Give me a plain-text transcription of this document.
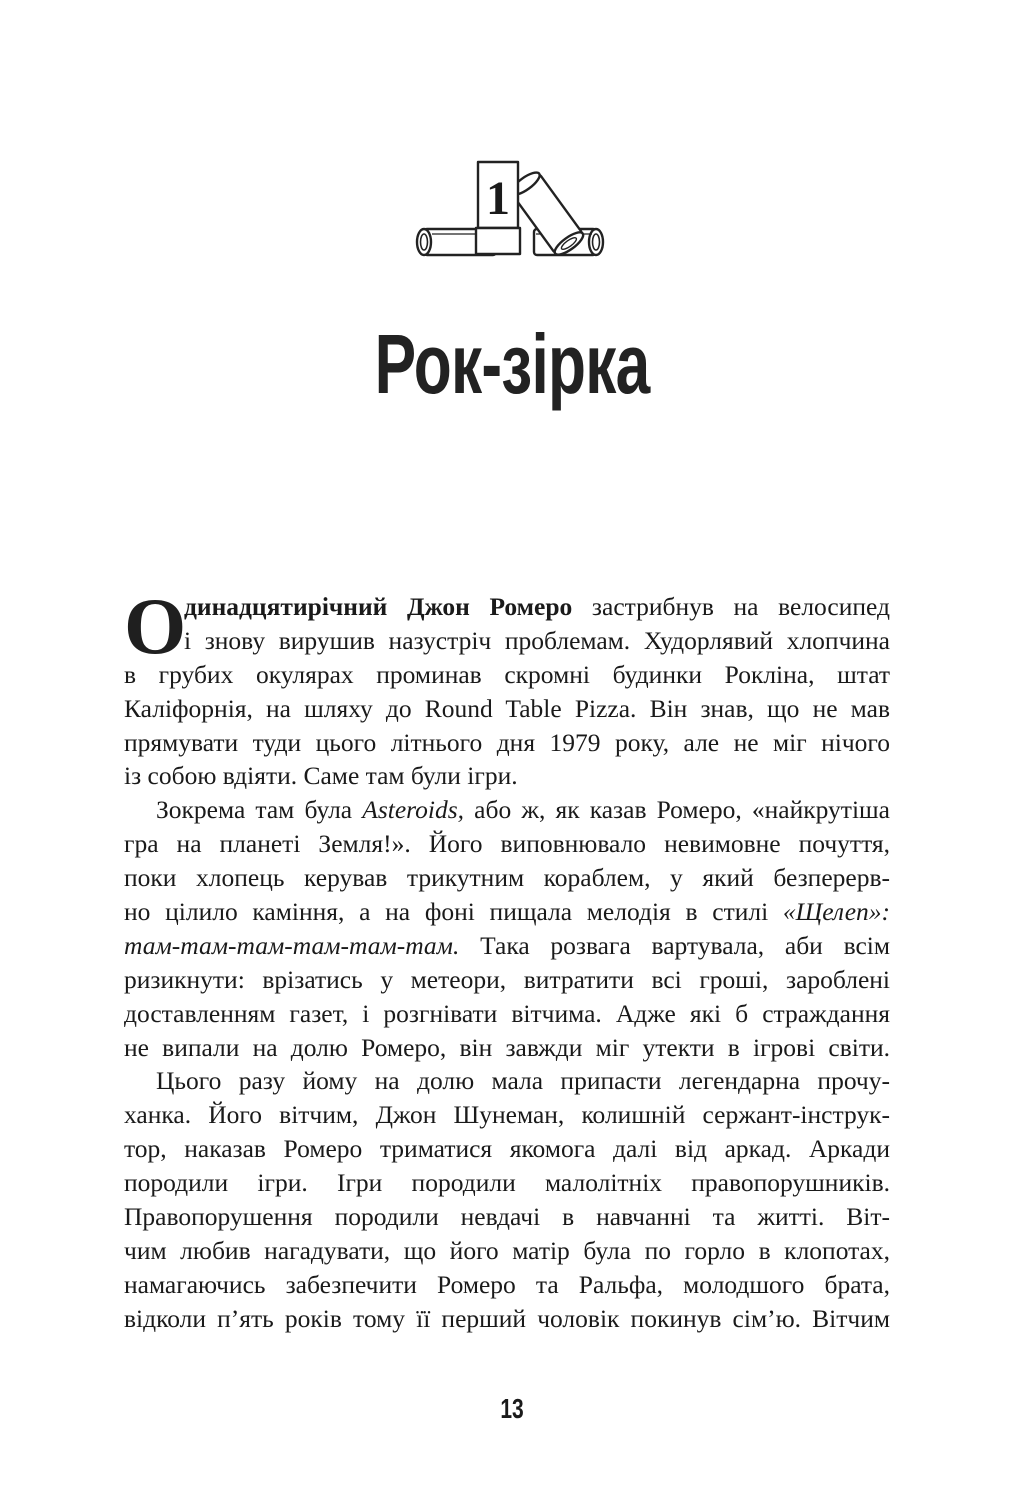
1
Рок-зірка
О
динадцятирічний Джон Ромеро застрибнув на велосипед
і знову вирушив назустріч проблемам. Худорлявий хлопчина
в грубих окулярах проминав скромні будинки Рокліна, штат
Каліфорнія, на шляху до Round Table Pizza. Він знав, що не мав
прямувати туди цього літнього дня 1979 року, але не міг нічого
із собою вдіяти. Саме там були ігри.
Зокрема там була Asteroids, або ж, як казав Ромеро, «найкрутіша
гра на планеті Земля!». Його виповнювало невимовне почуття,
поки хлопець керував трикутним кораблем, у який безперерв-
но цілило каміння, а на фоні пищала мелодія в стилі «Щелеп»:
там-там-там-там-там-там. Така розвага вартувала, аби всім
ризикнути: врізатись у метеори, витратити всі гроші, зароблені
доставленням газет, і розгнівати вітчима. Адже які б страждання
не випали на долю Ромеро, він завжди міг утекти в ігрові світи.
Цього разу йому на долю мала припасти легендарна прочу-
ханка. Його вітчим, Джон Шунеман, колишній сержант-інструк-
тор, наказав Ромеро триматися якомога далі від аркад. Аркади
породили ігри. Ігри породили малолітніх правопорушників.
Правопорушення породили невдачі в навчанні та житті. Віт-
чим любив нагадувати, що його матір була по горло в клопотах,
намагаючись забезпечити Ромеро та Ральфа, молодшого брата,
відколи п’ять років тому її перший чоловік покинув сім’ю. Вітчим
13
